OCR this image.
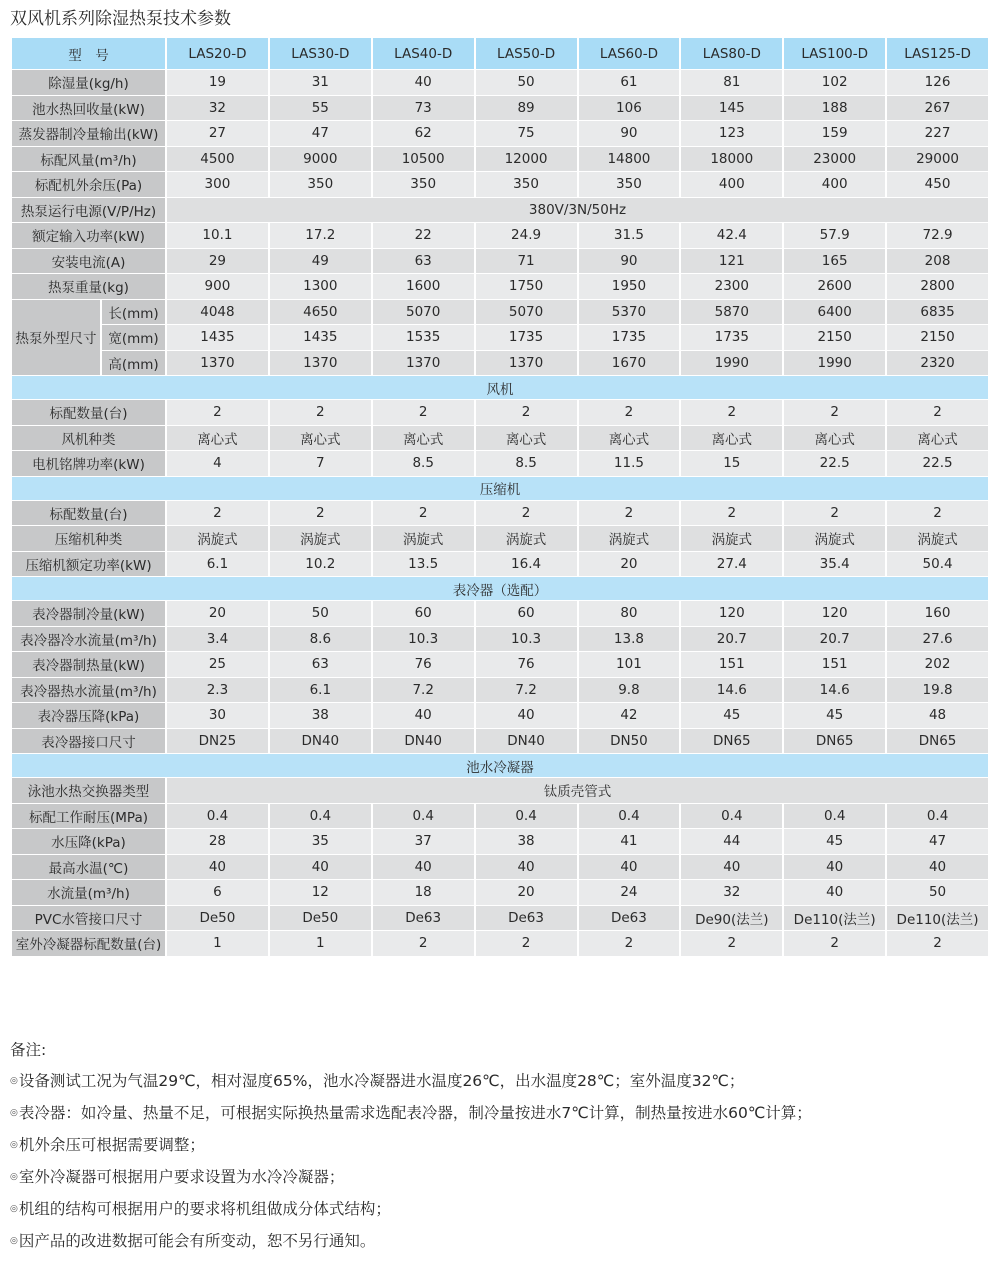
双风机系列除湿热泵技术参数
型　号		LAS20-D	LAS30-D	LAS40-D	LAS50-D	LAS60-D	LAS80-D	LAS100-D	LAS125-D
除湿量(kg/h)		19	31	40	50	61	81	102	126
池水热回收量(kW)		32	55	73	89	106	145	188	267
蒸发器制冷量输出(kW)		27	47	62	75	90	123	159	227
标配风量(m³/h)		4500	9000	10500	12000	14800	18000	23000	29000
标配机外余压(Pa)		300	350	350	350	350	400	400	450
热泵运行电源(V/P/Hz)		380V/3N/50Hz							
额定输入功率(kW)		10.1	17.2	22	24.9	31.5	42.4	57.9	72.9
安装电流(A)		29	49	63	71	90	121	165	208
热泵重量(kg)		900	1300	1600	1750	1950	2300	2600	2800
热泵外型尺寸	长(mm)	4048	4650	5070	5070	5370	5870	6400	6835
	宽(mm)	1435	1435	1535	1735	1735	1735	2150	2150
	高(mm)	1370	1370	1370	1370	1670	1990	1990	2320
风机									
标配数量(台)		2	2	2	2	2	2	2	2
风机种类		离心式	离心式	离心式	离心式	离心式	离心式	离心式	离心式
电机铭牌功率(kW)		4	7	8.5	8.5	11.5	15	22.5	22.5
压缩机									
标配数量(台)		2	2	2	2	2	2	2	2
压缩机种类		涡旋式	涡旋式	涡旋式	涡旋式	涡旋式	涡旋式	涡旋式	涡旋式
压缩机额定功率(kW)		6.1	10.2	13.5	16.4	20	27.4	35.4	50.4
表冷器（选配）									
表冷器制冷量(kW)		20	50	60	60	80	120	120	160
表冷器冷水流量(m³/h)		3.4	8.6	10.3	10.3	13.8	20.7	20.7	27.6
表冷器制热量(kW)		25	63	76	76	101	151	151	202
表冷器热水流量(m³/h)		2.3	6.1	7.2	7.2	9.8	14.6	14.6	19.8
表冷器压降(kPa)		30	38	40	40	42	45	45	48
表冷器接口尺寸		DN25	DN40	DN40	DN40	DN50	DN65	DN65	DN65
池水冷凝器									
泳池水热交换器类型		钛质壳管式							
标配工作耐压(MPa)		0.4	0.4	0.4	0.4	0.4	0.4	0.4	0.4
水压降(kPa)		28	35	37	38	41	44	45	47
最高水温(℃)		40	40	40	40	40	40	40	40
水流量(m³/h)		6	12	18	20	24	32	40	50
PVC水管接口尺寸		De50	De50	De63	De63	De63	De90(法兰)	De110(法兰)	De110(法兰)
室外冷凝器标配数量(台)		1	1	2	2	2	2	2	2
备注:
◎设备测试工况为气温29℃，相对湿度65%，池水冷凝器进水温度26℃，出水温度28℃；室外温度32℃；
◎表冷器：如冷量、热量不足，可根据实际换热量需求选配表冷器，制冷量按进水7℃计算，制热量按进水60℃计算；
◎机外余压可根据需要调整；
◎室外冷凝器可根据用户要求设置为水冷冷凝器；
◎机组的结构可根据用户的要求将机组做成分体式结构；
◎因产品的改进数据可能会有所变动，恕不另行通知。
